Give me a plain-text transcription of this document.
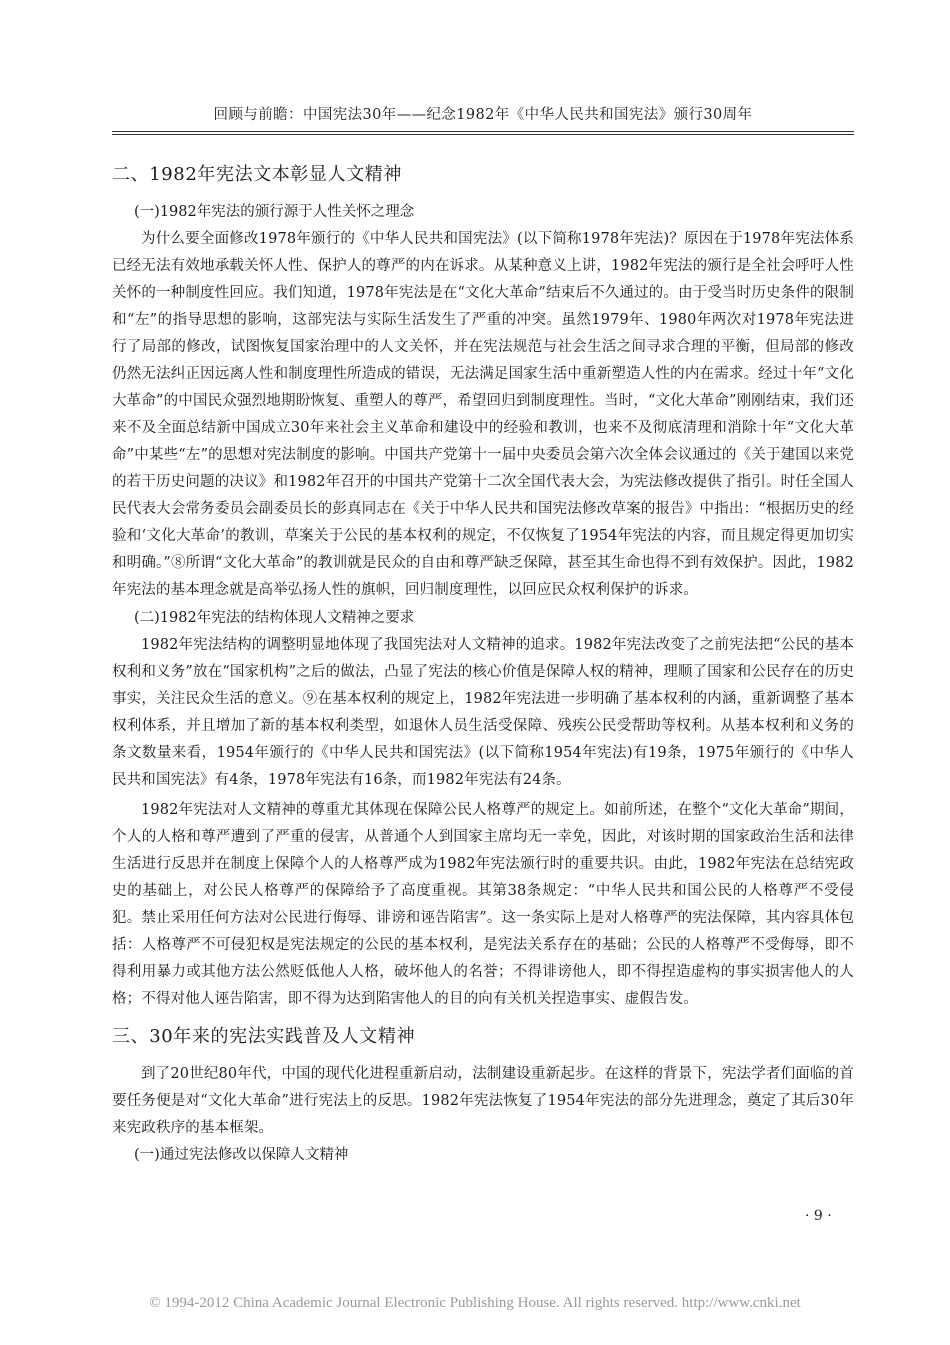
回顾与前瞻：中国宪法30年——纪念1982年《中华人民共和国宪法》颁行30周年
二、1982年宪法文本彰显人文精神
(一)1982年宪法的颁行源于人性关怀之理念

为什么要全面修改1978年颁行的《中华人民共和国宪法》(以下简称1978年宪法)？原因在于1978年宪法体系已经无法有效地承载关怀人性、保护人的尊严的内在诉求。从某种意义上讲，1982年宪法的颁行是全社会呼吁人性关怀的一种制度性回应。我们知道，1978年宪法是在“文化大革命”结束后不久通过的。由于受当时历史条件的限制和“左”的指导思想的影响，这部宪法与实际生活发生了严重的冲突。虽然1979年、1980年两次对1978年宪法进行了局部的修改，试图恢复国家治理中的人文关怀，并在宪法规范与社会生活之间寻求合理的平衡，但局部的修改仍然无法纠正因远离人性和制度理性所造成的错误，无法满足国家生活中重新塑造人性的内在需求。经过十年“文化大革命”的中国民众强烈地期盼恢复、重塑人的尊严，希望回归到制度理性。当时，“文化大革命”刚刚结束，我们还来不及全面总结新中国成立30年来社会主义革命和建设中的经验和教训，也来不及彻底清理和消除十年“文化大革命”中某些“左”的思想对宪法制度的影响。中国共产党第十一届中央委员会第六次全体会议通过的《关于建国以来党的若干历史问题的决议》和1982年召开的中国共产党第十二次全国代表大会，为宪法修改提供了指引。时任全国人民代表大会常务委员会副委员长的彭真同志在《关于中华人民共和国宪法修改草案的报告》中指出：“根据历史的经验和‘文化大革命’的教训，草案关于公民的基本权利的规定，不仅恢复了1954年宪法的内容，而且规定得更加切实和明确。”⑧所谓“文化大革命”的教训就是民众的自由和尊严缺乏保障，甚至其生命也得不到有效保护。因此，1982年宪法的基本理念就是高举弘扬人性的旗帜，回归制度理性，以回应民众权利保护的诉求。

(二)1982年宪法的结构体现人文精神之要求

1982年宪法结构的调整明显地体现了我国宪法对人文精神的追求。1982年宪法改变了之前宪法把“公民的基本权利和义务”放在“国家机构”之后的做法，凸显了宪法的核心价值是保障人权的精神，理顺了国家和公民存在的历史事实，关注民众生活的意义。⑨在基本权利的规定上，1982年宪法进一步明确了基本权利的内涵，重新调整了基本权利体系，并且增加了新的基本权利类型，如退休人员生活受保障、残疾公民受帮助等权利。从基本权利和义务的条文数量来看，1954年颁行的《中华人民共和国宪法》(以下简称1954年宪法)有19条，1975年颁行的《中华人民共和国宪法》有4条，1978年宪法有16条，而1982年宪法有24条。

1982年宪法对人文精神的尊重尤其体现在保障公民人格尊严的规定上。如前所述，在整个“文化大革命”期间，个人的人格和尊严遭到了严重的侵害，从普通个人到国家主席均无一幸免，因此，对该时期的国家政治生活和法律生活进行反思并在制度上保障个人的人格尊严成为1982年宪法颁行时的重要共识。由此，1982年宪法在总结宪政史的基础上，对公民人格尊严的保障给予了高度重视。其第38条规定：“中华人民共和国公民的人格尊严不受侵犯。禁止采用任何方法对公民进行侮辱、诽谤和诬告陷害”。这一条实际上是对人格尊严的宪法保障，其内容具体包括：人格尊严不可侵犯权是宪法规定的公民的基本权利，是宪法关系存在的基础；公民的人格尊严不受侮辱，即不得利用暴力或其他方法公然贬低他人人格，破坏他人的名誉；不得诽谤他人，即不得捏造虚构的事实损害他人的人格；不得对他人诬告陷害，即不得为达到陷害他人的目的向有关机关捏造事实、虚假告发。

三、30年来的宪法实践普及人文精神

到了20世纪80年代，中国的现代化进程重新启动，法制建设重新起步。在这样的背景下，宪法学者们面临的首要任务便是对“文化大革命”进行宪法上的反思。1982年宪法恢复了1954年宪法的部分先进理念，奠定了其后30年来宪政秩序的基本框架。

(一)通过宪法修改以保障人文精神
· 9 ·
© 1994-2012 China Academic Journal Electronic Publishing House. All rights reserved. http://www.cnki.net
